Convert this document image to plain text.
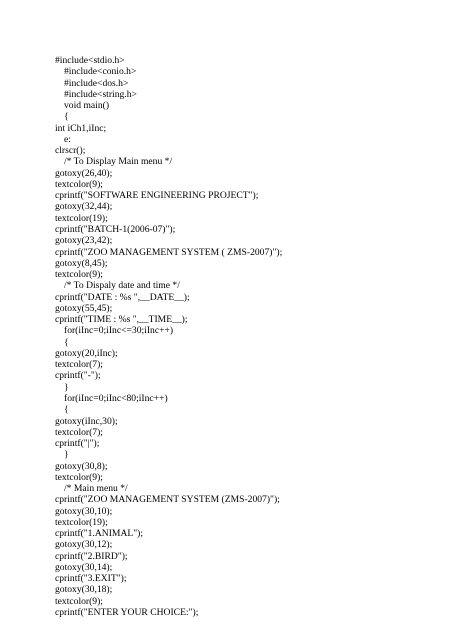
#include<stdio.h>
#include<conio.h>
#include<dos.h>
#include<string.h>
void main()
{
int iCh1,iInc;
e:
clrscr();
/* To Display Main menu */
gotoxy(26,40);
textcolor(9);
cprintf("SOFTWARE ENGINEERING PROJECT");
gotoxy(32,44);
textcolor(19);
cprintf("BATCH-1(2006-07)");
gotoxy(23,42);
cprintf("ZOO MANAGEMENT SYSTEM ( ZMS-2007)");
gotoxy(8,45);
textcolor(9);
/* To Dispaly date and time */
cprintf("DATE : %s ",__DATE__);
gotoxy(55,45);
cprintf("TIME : %s ",__TIME__);
for(iInc=0;iInc<=30;iInc++)
{
gotoxy(20,iInc);
textcolor(7);
cprintf("-");
}
for(iInc=0;iInc<80;iInc++)
{
gotoxy(iInc,30);
textcolor(7);
cprintf("|");
}
gotoxy(30,8);
textcolor(9);
/* Main menu */
cprintf("ZOO MANAGEMENT SYSTEM (ZMS-2007)");
gotoxy(30,10);
textcolor(19);
cprintf("1.ANIMAL");
gotoxy(30,12);
cprintf("2.BIRD");
gotoxy(30,14);
cprintf("3.EXIT");
gotoxy(30,18);
textcolor(9);
cprintf("ENTER YOUR CHOICE:");
